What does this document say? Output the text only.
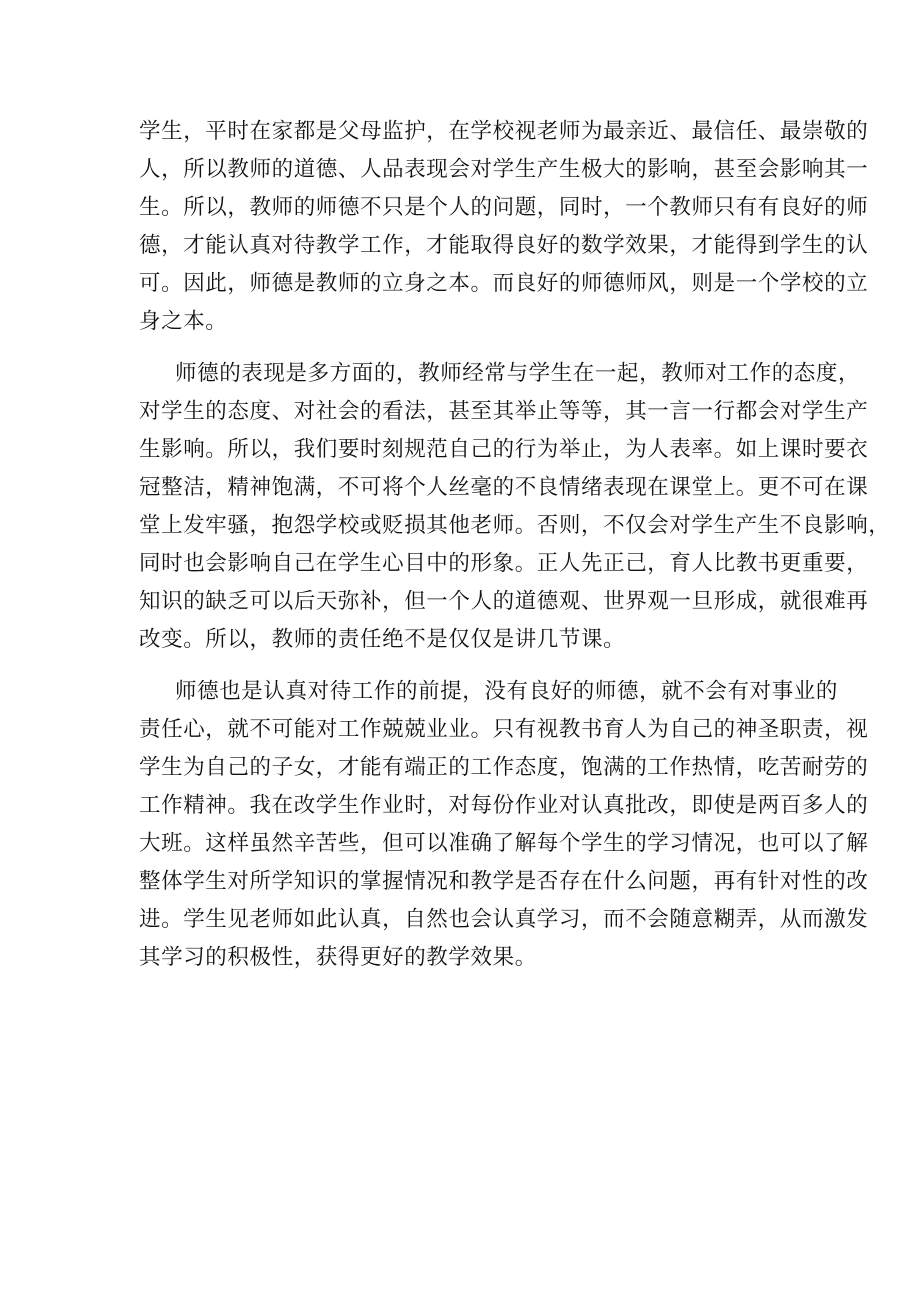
学生，平时在家都是父母监护，在学校视老师为最亲近、最信任、最崇敬的
人，所以教师的道德、人品表现会对学生产生极大的影响，甚至会影响其一
生。所以，教师的师德不只是个人的问题，同时，一个教师只有有良好的师
德，才能认真对待教学工作，才能取得良好的数学效果，才能得到学生的认
可。因此，师德是教师的立身之本。而良好的师德师风，则是一个学校的立
身之本。

师德的表现是多方面的，教师经常与学生在一起，教师对工作的态度，
对学生的态度、对社会的看法，甚至其举止等等，其一言一行都会对学生产
生影响。所以，我们要时刻规范自己的行为举止，为人表率。如上课时要衣
冠整洁，精神饱满，不可将个人丝毫的不良情绪表现在课堂上。更不可在课
堂上发牢骚，抱怨学校或贬损其他老师。否则，不仅会对学生产生不良影响，
同时也会影响自己在学生心目中的形象。正人先正己，育人比教书更重要，
知识的缺乏可以后天弥补，但一个人的道德观、世界观一旦形成，就很难再
改变。所以，教师的责任绝不是仅仅是讲几节课。

师德也是认真对待工作的前提，没有良好的师德，就不会有对事业的
责任心，就不可能对工作兢兢业业。只有视教书育人为自己的神圣职责，视
学生为自己的子女，才能有端正的工作态度，饱满的工作热情，吃苦耐劳的
工作精神。我在改学生作业时，对每份作业对认真批改，即使是两百多人的
大班。这样虽然辛苦些，但可以准确了解每个学生的学习情况，也可以了解
整体学生对所学知识的掌握情况和教学是否存在什么问题，再有针对性的改
进。学生见老师如此认真，自然也会认真学习，而不会随意糊弄，从而激发
其学习的积极性，获得更好的教学效果。
